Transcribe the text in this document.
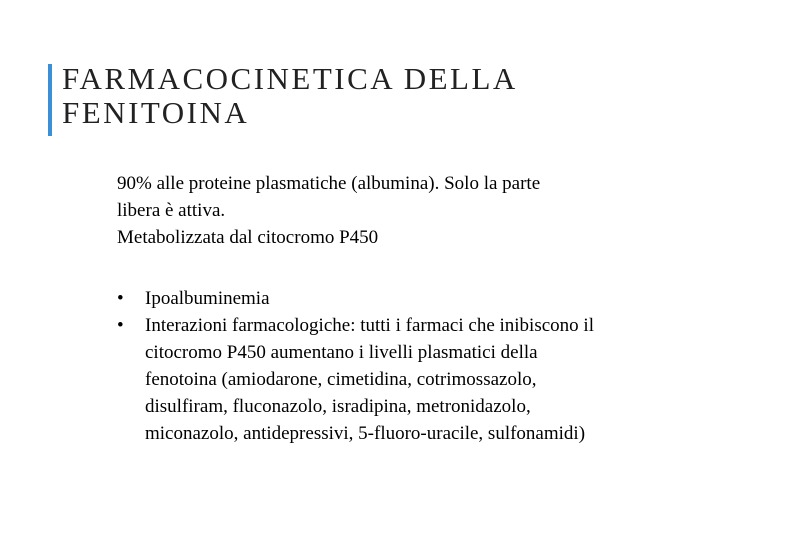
FARMACOCINETICA DELLA
FENITOINA
90% alle proteine plasmatiche (albumina). Solo la parte
libera è attiva.
Metabolizzata dal citocromo P450
• Ipoalbuminemia
• Interazioni farmacologiche: tutti i farmaci che inibiscono il
citocromo P450 aumentano i livelli plasmatici della
fenotoina (amiodarone, cimetidina, cotrimossazolo,
disulfiram, fluconazolo, isradipina, metronidazolo,
miconazolo, antidepressivi, 5-fluoro-uracile, sulfonamidi)
